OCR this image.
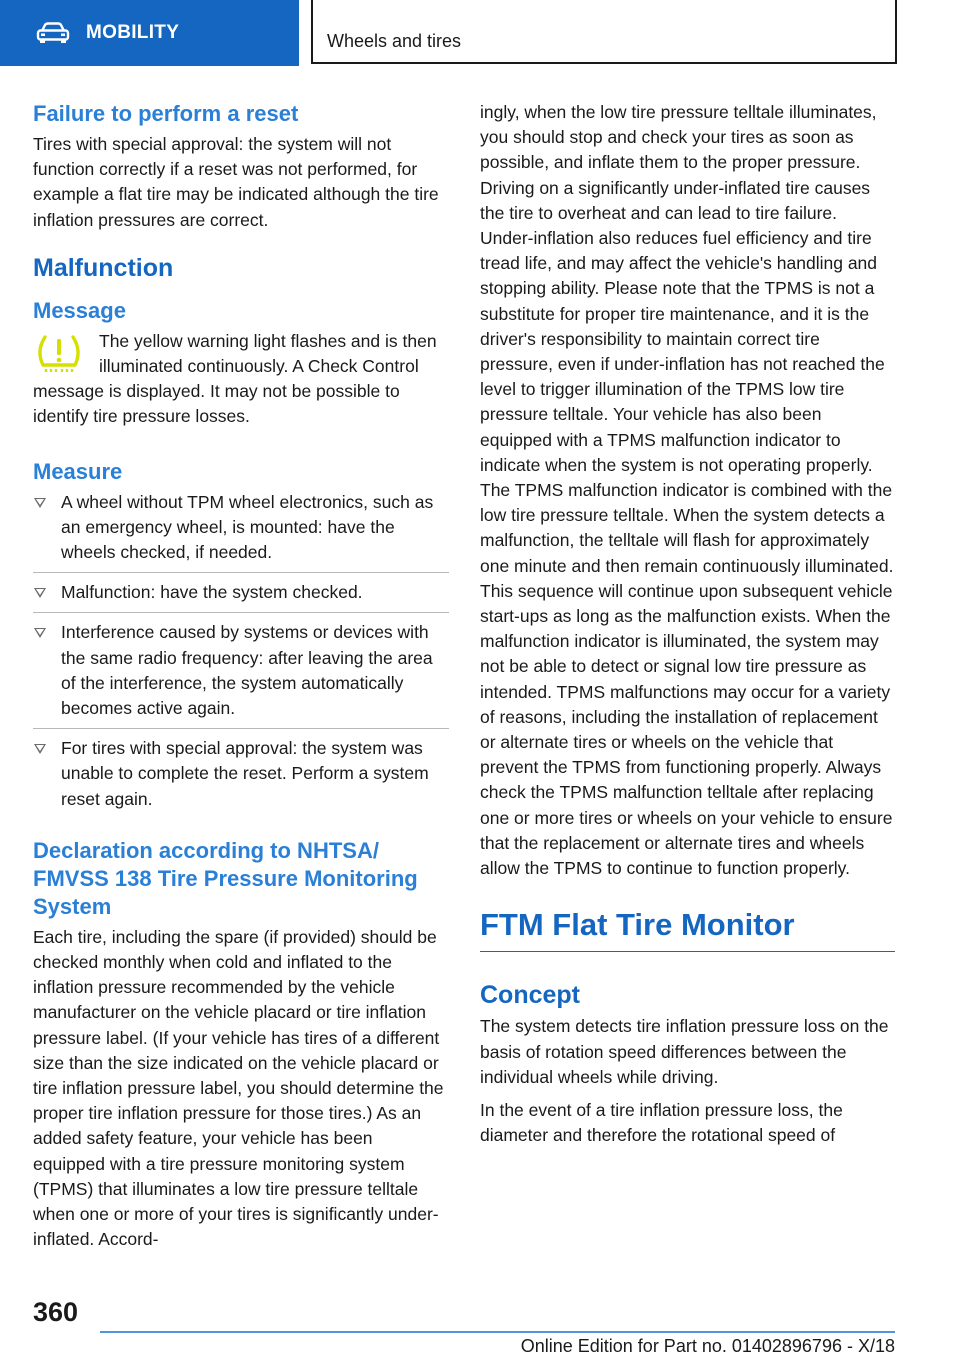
MOBILITY	Wheels and tires
Failure to perform a reset

Tires with special approval: the system will not function correctly if a reset was not performed, for example a flat tire may be indicated although the tire inflation pressures are correct.

Malfunction
Message

The yellow warning light flashes and is then illuminated continuously. A Check Control message is displayed. It may not be possible to identify tire pressure losses.

Measure
A wheel without TPM wheel electronics, such as an emergency wheel, is mounted: have the wheels checked, if needed.
Malfunction: have the system checked.
Interference caused by systems or devices with the same radio frequency: after leaving the area of the interference, the system automatically becomes active again.
For tires with special approval: the system was unable to complete the reset. Perform a system reset again.
Declaration according to NHTSA/ FMVSS 138 Tire Pressure Monitoring System

Each tire, including the spare (if provided) should be checked monthly when cold and inflated to the inflation pressure recommended by the vehicle manufacturer on the vehicle placard or tire inflation pressure label. (If your vehicle has tires of a different size than the size indicated on the vehicle placard or tire inflation pressure label, you should determine the proper tire inflation pressure for those tires.) As an added safety feature, your vehicle has been equipped with a tire pressure monitoring system (TPMS) that illuminates a low tire pressure telltale when one or more of your tires is significantly under-inflated. Accord-

ingly, when the low tire pressure telltale illuminates, you should stop and check your tires as soon as possible, and inflate them to the proper pressure. Driving on a significantly under-inflated tire causes the tire to overheat and can lead to tire failure. Under-inflation also reduces fuel efficiency and tire tread life, and may affect the vehicle's handling and stopping ability. Please note that the TPMS is not a substitute for proper tire maintenance, and it is the driver's responsibility to maintain correct tire pressure, even if under-inflation has not reached the level to trigger illumination of the TPMS low tire pressure telltale. Your vehicle has also been equipped with a TPMS malfunction indicator to indicate when the system is not operating properly. The TPMS malfunction indicator is combined with the low tire pressure telltale. When the system detects a malfunction, the telltale will flash for approximately one minute and then remain continuously illuminated. This sequence will continue upon subsequent vehicle start-ups as long as the malfunction exists. When the malfunction indicator is illuminated, the system may not be able to detect or signal low tire pressure as intended. TPMS malfunctions may occur for a variety of reasons, including the installation of replacement or alternate tires or wheels on the vehicle that prevent the TPMS from functioning properly. Always check the TPMS malfunction telltale after replacing one or more tires or wheels on your vehicle to ensure that the replacement or alternate tires and wheels allow the TPMS to continue to function properly.

FTM Flat Tire Monitor
Concept

The system detects tire inflation pressure loss on the basis of rotation speed differences between the individual wheels while driving.

In the event of a tire inflation pressure loss, the diameter and therefore the rotational speed of

360
Online Edition for Part no. 01402896796 - X/18
